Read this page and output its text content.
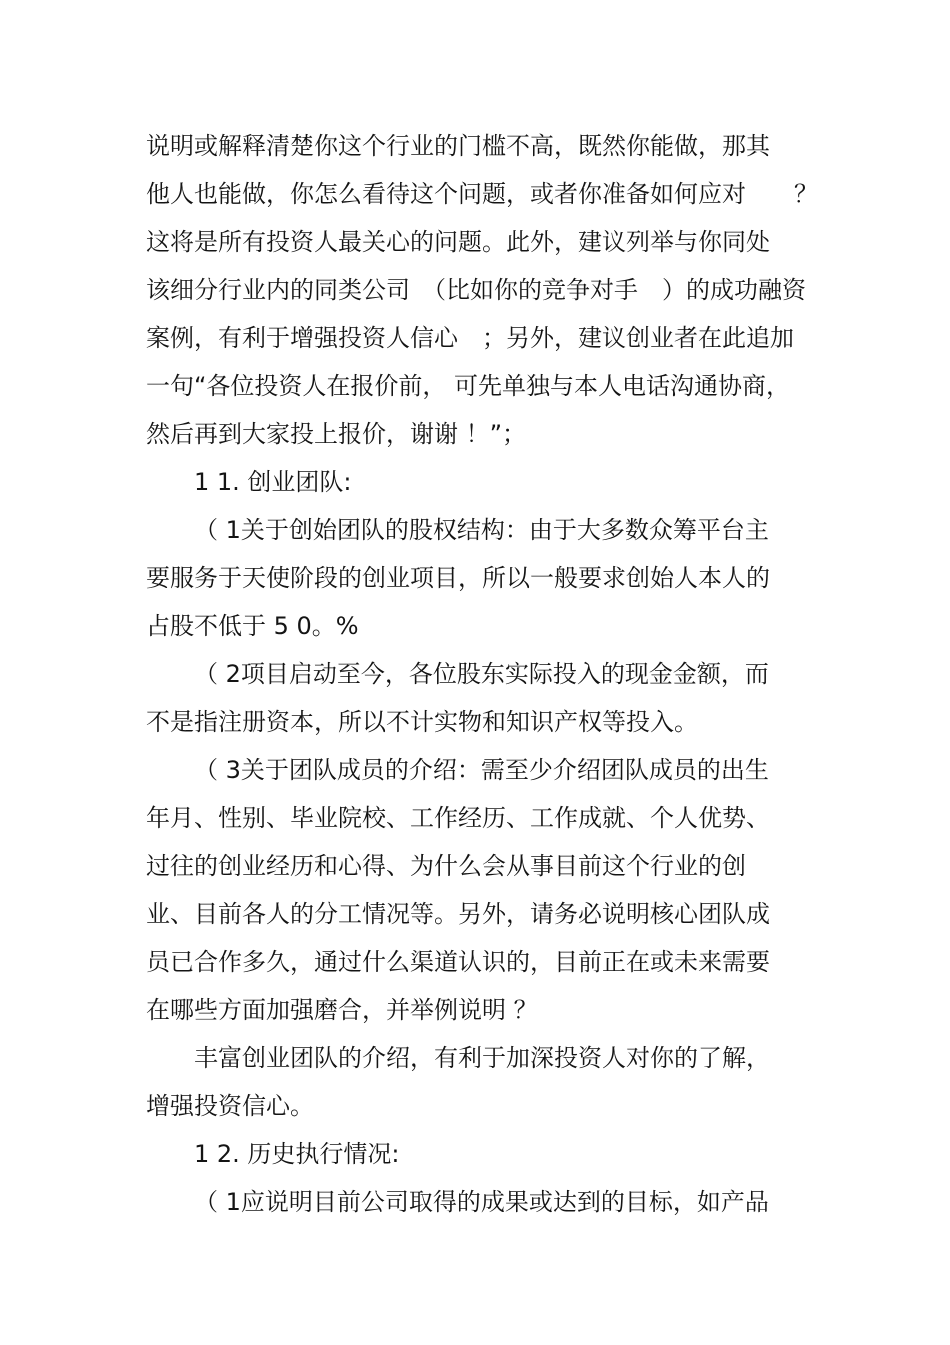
说明或解释清楚你这个行业的门槛不高，既然你能做，那其

他人也能做，你怎么看待这个问题，或者你准备如何应对　　？

这将是所有投资人最关心的问题。此外，建议列举与你同处

该细分行业内的同类公司　（比如你的竞争对手　）的成功融资

案例，有利于增强投资人信心　；另外，建议创业者在此追加

一句“各位投资人在报价前， 可先单独与本人电话沟通协商，

然后再到大家投上报价，谢谢 ！”；

1 1. 创业团队:

（ 1关于创始团队的股权结构：由于大多数众筹平台主

要服务于天使阶段的创业项目，所以一般要求创始人本人的

占股不低于 5 0。%

（ 2项目启动至今，各位股东实际投入的现金金额，而

不是指注册资本，所以不计实物和知识产权等投入。

（ 3关于团队成员的介绍：需至少介绍团队成员的出生

年月、性别、毕业院校、工作经历、工作成就、个人优势、

过往的创业经历和心得、为什么会从事目前这个行业的创

业、目前各人的分工情况等。另外，请务必说明核心团队成

员已合作多久，通过什么渠道认识的，目前正在或未来需要

在哪些方面加强磨合，并举例说明 ？

丰富创业团队的介绍，有利于加深投资人对你的了解，

增强投资信心。

1 2. 历史执行情况:

（ 1应说明目前公司取得的成果或达到的目标，如产品
